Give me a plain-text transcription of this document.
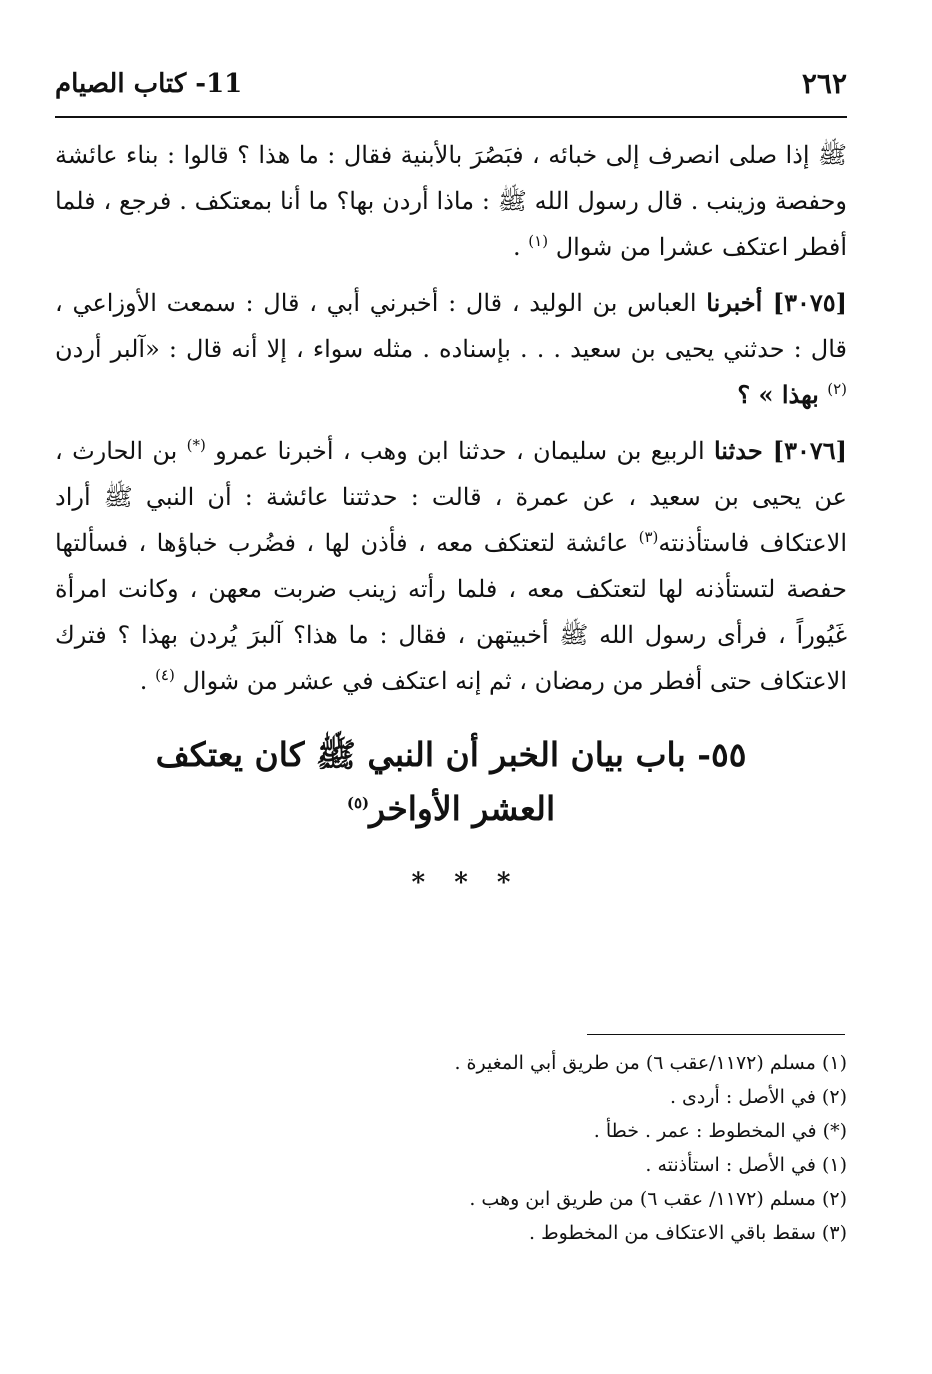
٢٦٢
11- كتاب الصيام

ﷺ إذا صلى انصرف إلى خبائه ، فبَصُرَ بالأبنية فقال : ما هذا ؟ قالوا : بناء عائشة وحفصة وزينب . قال رسول الله ﷺ : ماذا أردن بها؟ ما أنا بمعتكف . فرجع ، فلما أفطر اعتكف عشرا من شوال $^{(١)}$ .

[٣٠٧٥] أخبرنا العباس بن الوليد ، قال : أخبرني أبي ، قال : سمعت الأوزاعي ، قال : حدثني يحيى بن سعيد . . . بإسناده . مثله سواء ، إلا أنه قال : «آلبر أردن $^{(٢)}$ بهذا » ؟

[٣٠٧٦] حدثنا الربيع بن سليمان ، حدثنا ابن وهب ، أخبرنا عمرو (*) بن الحارث ، عن يحيى بن سعيد ، عن عمرة ، قالت : حدثتنا عائشة : أن النبي ﷺ أراد الاعتكاف فاستأذنته$^{(٣)}$ عائشة لتعتكف معه ، فأذن لها ، فضُرب خباؤها ، فسألتها حفصة لتستأذنه لها لتعتكف معه ، فلما رأته زينب ضربت معهن ، وكانت امرأة غَيُوراً ، فرأى رسول الله ﷺ أخبيتهن ، فقال : ما هذا؟ آلبرَ يُردن بهذا ؟ فترك الاعتكاف حتى أفطر من رمضان ، ثم إنه اعتكف في عشر من شوال $^{(٤)}$ .

٥٥- باب بيان الخبر أن النبي ﷺ كان يعتكف العشر الأواخر$^{(٥)}$
* * *
(١) مسلم (١١٧٢/عقب ٦) من طريق أبي المغيرة .
(٢) في الأصل : أردى .
(*) في المخطوط : عمر . خطأ .
(١) في الأصل : استأذنته .
(٢) مسلم (١١٧٢/ عقب ٦) من طريق ابن وهب .
(٣) سقط باقي الاعتكاف من المخطوط .
